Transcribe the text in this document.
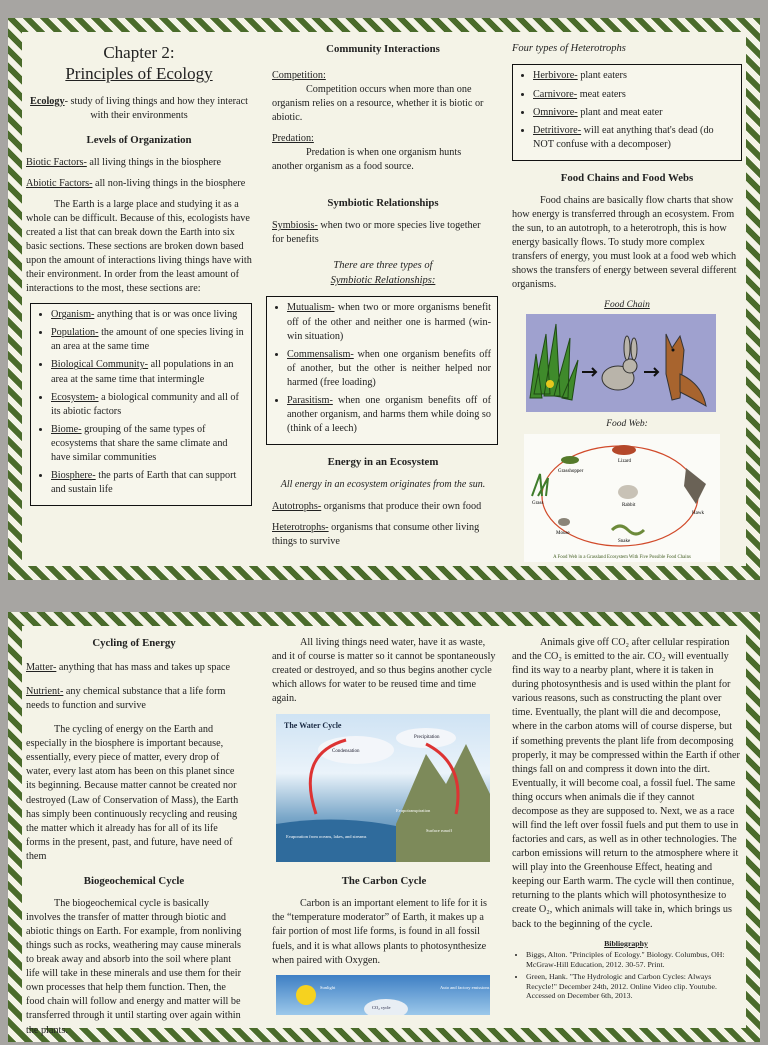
Chapter 2:
Principles of Ecology

Ecology- study of living things and how they interact with their environments

Levels of Organization

Biotic Factors- all living things in the biosphere

Abiotic Factors- all non-living things in the biosphere

The Earth is a large place and studying it as a whole can be difficult. Because of this, ecologists have created a list that can break down the Earth into six basic sections. These sections are broken down based upon the amount of interactions living things have with their environment. In order from the least amount of interactions to the most, these sections are:

• Organism- anything that is or was once living
• Population- the amount of one species living in an area at the same time
• Biological Community- all populations in an area at the same time that intermingle
• Ecosystem- a biological community and all of its abiotic factors
• Biome- grouping of the same types of ecosystems that share the same climate and have similar communities
• Biosphere- the parts of Earth that can support and sustain life
Community Interactions

Competition:
Competition occurs when more than one organism relies on a resource, whether it is biotic or abiotic.

Predation:
Predation is when one organism hunts another organism as a food source.

Symbiotic Relationships

Symbiosis- when two or more species live together for benefits

There are three types of
Symbiotic Relationships:
• Mutualism- when two or more organisms benefit off of the other and neither one is harmed (win-win situation)
• Commensalism- when one organism benefits off of another, but the other is neither helped nor harmed (free loading)
• Parasitism- when one organism benefits off of another organism, and harms them while doing so (think of a leech)
Energy in an Ecosystem
All energy in an ecosystem originates from the sun.

Autotrophs- organisms that produce their own food

Heterotrophs- organisms that consume other living things to survive

Four types of Heterotrophs
• Herbivore- plant eaters
• Carnivore- meat eaters
• Omnivore- plant and meat eater
• Detritivore- will eat anything that's dead (do NOT confuse with a decomposer)
Food Chains and Food Webs

Food chains are basically flow charts that show how energy is transferred through an ecosystem. From the sun, to an autotroph, to a heterotroph, this is how energy basically flows. To study more complex transfers of energy, you must look at a food web which shows the transfers of energy between several different organisms.

Food Chain
Food Web:
Grasshopper
Lizard
Grass	Rabbit
Hawk
Mouse
Snake
A Food Web in a Grassland Ecosystem With Five Possible Food Chains
Cycling of Energy

Matter- anything that has mass and takes up space

Nutrient- any chemical substance that a life form needs to function and survive

The cycling of energy on the Earth and especially in the biosphere is important because, essentially, every piece of matter, every drop of water, every last atom has been on this planet since its beginning. Because matter cannot be created nor destroyed (Law of Conservation of Mass), the Earth has simply been continuously recycling and reusing the matter which it already has for all of its life forms in the present, past, and future, have need of them

Biogeochemical Cycle

The biogeochemical cycle is basically involves the transfer of matter through biotic and abiotic things on Earth. For example, from nonliving things such as rocks, weathering may cause minerals to break away and absorb into the soil where plant life will take in these minerals and use them for their own processes that help them function. Then, the food chain will follow and energy and matter will be transferred through it until starting over again within the plants.

All living things need water, have it as waste, and it of course is matter so it cannot be spontaneously created or destroyed, and so thus begins another cycle which allows for water to be reused time and time again.

The Water Cycle
Condensation
Precipitation
Evaporation from oceans, lakes, and streams
Evapotranspiration
Surface runoff
The Carbon Cycle

Carbon is an important element to life for it is the “temperature moderator” of Earth, it makes up a fair portion of most life forms, is found in all fossil fuels, and it is what allows plants to photosynthesize when paired with Oxygen.

Sunlight
CO₂ cycle
Auto and factory emissions

Animals give off CO₂ after cellular respiration and the CO₂ is emitted to the air. CO₂ will eventually find its way to a nearby plant, where it is taken in during photosynthesis and is used within the plant for various reasons, such as constructing the plant over time. Eventually, the plant will die and decompose, where in the carbon atoms will of course disperse, but if something prevents the plant life from decomposing properly, it may be compressed within the Earth if other things fall on and compress it down into the dirt. Eventually, it will become coal, a fossil fuel. The same thing occurs when animals die if they cannot decompose as they are supposed to. Next, we as a race will find the left over fossil fuels and put them to use in factories and cars, as well as in other technologies. The carbon emissions will return to the atmosphere where it will play into the Greenhouse Effect, heating and keeping our Earth warm. The cycle will then continue, returning to the plants which will photosynthesize to create O₂, which animals will take in, which brings us back to the beginning of the cycle.

Bibliography
• Biggs, Alton. "Principles of Ecology." Biology. Columbus, OH: McGraw-Hill Education, 2012. 30-57. Print.
• Green, Hank. "The Hydrologic and Carbon Cycles: Always Recycle!" December 24th, 2012. Online Video clip. Youtube. Accessed on December 6th, 2013.
